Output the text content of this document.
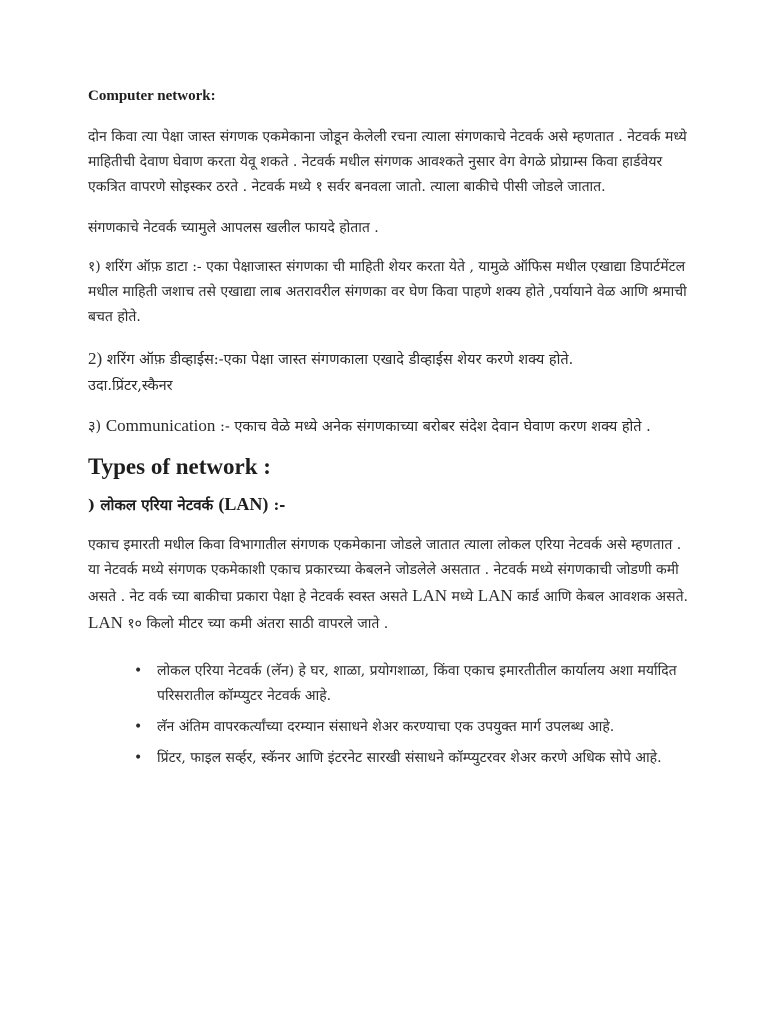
Computer network:

दोन किवा त्या पेक्षा जास्त संगणक एकमेकाना जोडून केलेली रचना त्याला संगणकाचे नेटवर्क असे म्हणतात . नेटवर्क मध्ये माहितीची देवाण घेवाण करता येवू शकते . नेटवर्क मधील संगणक आवश्कते नुसार वेग वेगळे प्रोग्राम्स किवा हार्डवेयर एकत्रित वापरणे सोइस्कर ठरते . नेटवर्क मध्ये १ सर्वर बनवला जातो. त्याला बाकीचे पीसी जोडले जातात.

संगणकाचे नेटवर्क च्यामुले आपलस खलील फायदे होतात .

१) शरिंग ऑफ़ डाटा :- एका पेक्षाजास्त संगणका ची माहिती शेयर करता येते , यामुळे ऑफिस मधील एखाद्या डिपार्टमेंटल मधील माहिती जशाच तसे एखाद्या लाब अतरावरील संगणका वर घेण किवा पाहणे शक्य होते ,पर्यायाने वेळ आणि श्रमाची बचत होते.

2) शरिंग ऑफ़ डीव्हाईस:-एका पेक्षा जास्त संगणकाला एखादे डीव्हाईस शेयर करणे शक्य होते.
उदा.प्रिंटर,स्कैनर

३) Communication :- एकाच वेळे मध्ये अनेक संगणकाच्या बरोबर संदेश देवान घेवाण करण शक्य होते .

Types of network :
) लोकल एरिया नेटवर्क (LAN) :-

एकाच इमारती मधील किवा विभागातील संगणक एकमेकाना जोडले जातात त्याला लोकल एरिया नेटवर्क असे म्हणतात . या नेटवर्क मध्ये संगणक एकमेकाशी एकाच प्रकारच्या केबलने जोडलेले असतात . नेटवर्क मध्ये संगणकाची जोडणी कमी असते . नेट वर्क च्या बाकीचा प्रकारा पेक्षा हे नेटवर्क स्वस्त असते LAN मध्ये LAN कार्ड आणि केबल आवशक असते. LAN १० किलो मीटर च्या कमी अंतरा साठी वापरले जाते .

• लोकल एरिया नेटवर्क (लॅन) हे घर, शाळा, प्रयोगशाळा, किंवा एकाच इमारतीतील कार्यालय अशा मर्यादित परिसरातील कॉम्प्युटर नेटवर्क आहे.
• लॅन अंतिम वापरकर्त्यांच्या दरम्यान संसाधने शेअर करण्याचा एक उपयुक्त मार्ग उपलब्ध आहे.
• प्रिंटर, फाइल सर्व्हर, स्कॅनर आणि इंटरनेट सारखी संसाधने कॉम्प्युटरवर शेअर करणे अधिक सोपे आहे.
